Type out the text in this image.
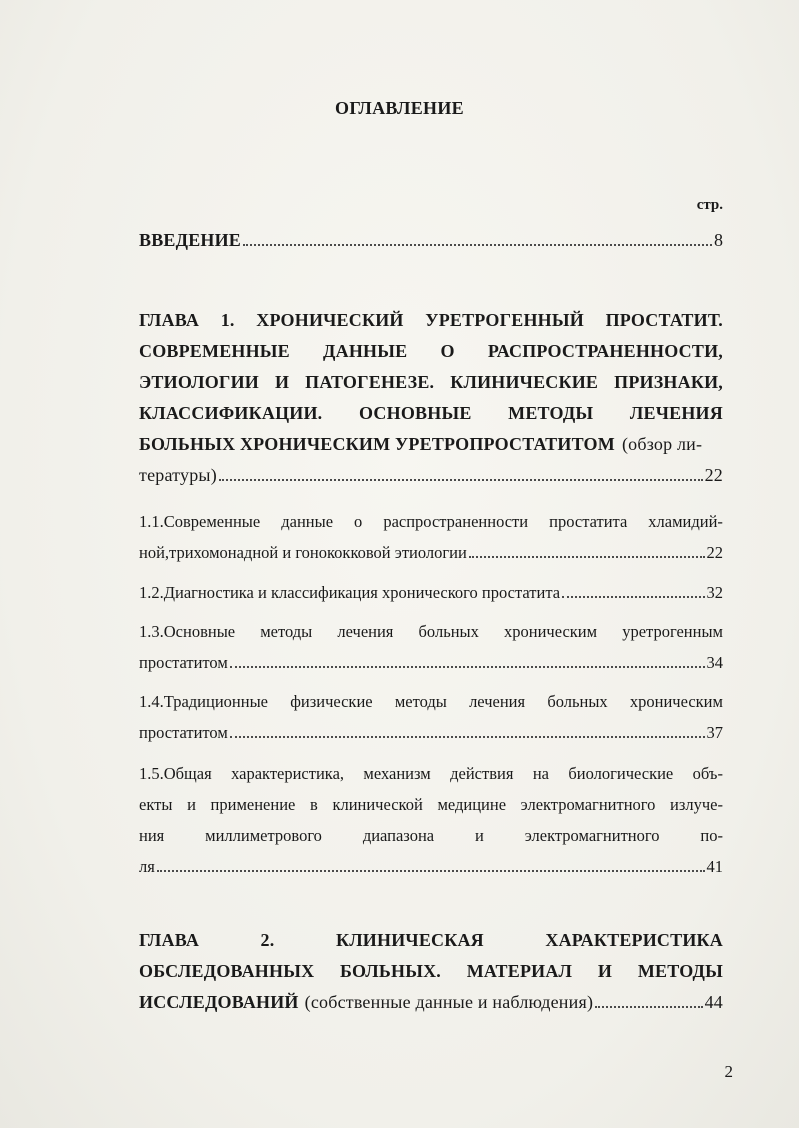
ОГЛАВЛЕНИЕ
стр.
ВВЕДЕНИЕ	8
ГЛАВА 1. ХРОНИЧЕСКИЙ УРЕТРОГЕННЫЙ ПРОСТАТИТ.
СОВРЕМЕННЫЕ ДАННЫЕ О РАСПРОСТРАНЕННОСТИ,
ЭТИОЛОГИИ И ПАТОГЕНЕЗЕ. КЛИНИЧЕСКИЕ ПРИЗНАКИ,
КЛАССИФИКАЦИИ. ОСНОВНЫЕ МЕТОДЫ ЛЕЧЕНИЯ
БОЛЬНЫХ ХРОНИЧЕСКИМ УРЕТРОПРОСТАТИТОМ (обзор ли-
тературы)	22
1.1.Современные данные о распространенности простатита хламидий-
ной,трихомонадной и гонококковой этиологии	22
1.2.Диагностика и классификация хронического простатита	32
1.3.Основные методы лечения больных хроническим уретрогенным
простатитом	34
1.4.Традиционные физические методы лечения больных хроническим
простатитом	37
1.5.Общая характеристика, механизм действия на биологические объ-
екты и применение в клинической медицине электромагнитного излуче-
ния миллиметрового диапазона и электромагнитного по-
ля	41
ГЛАВА	2.	КЛИНИЧЕСКАЯ	ХАРАКТЕРИСТИКА
ОБСЛЕДОВАННЫХ БОЛЬНЫХ. МАТЕРИАЛ И МЕТОДЫ
ИССЛЕДОВАНИЙ (собственные данные и наблюдения)	44
2
